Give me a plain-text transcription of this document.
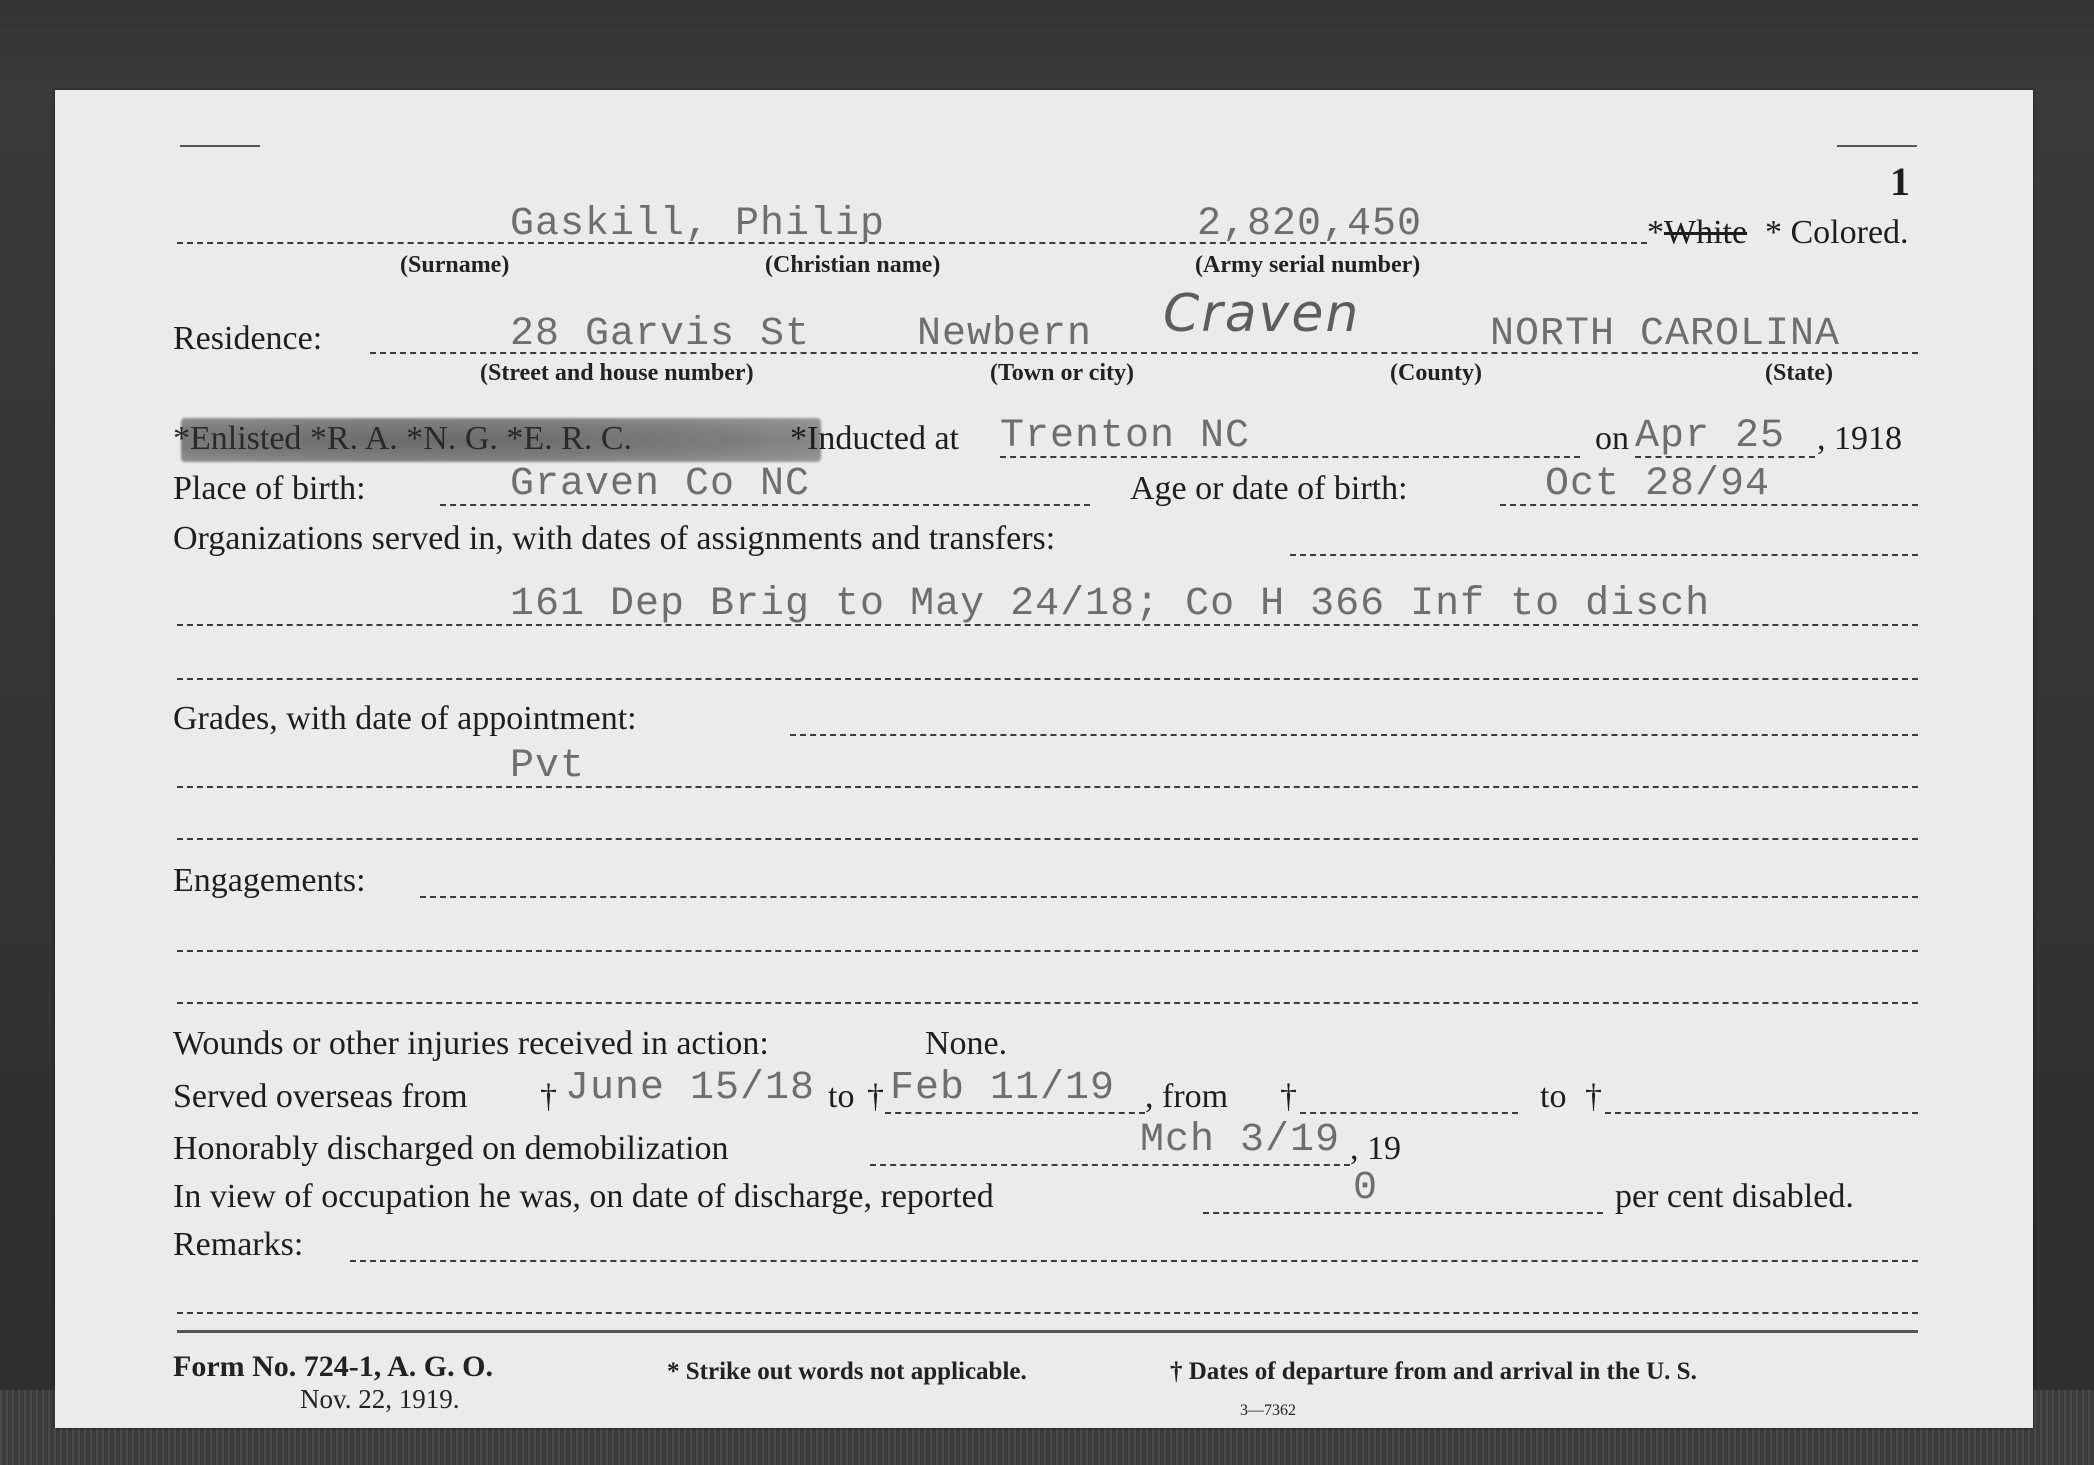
1
Gaskill, Philip	2,820,450	*White * Colored.
(Surname)	(Christian name)	(Army serial number)
Residence:	28 Garvis St	Newbern Craven	NORTH CAROLINA
(Street and house number)	(Town or city)	(County)	(State)
*Enlisted *R. A. *N. G. *E. R. C.	*Inducted at Trenton NC	on Apr 25 , 1918
Place of birth:	Graven Co NC	Age or date of birth:	Oct 28/94
Organizations served in, with dates of assignments and transfers:
161 Dep Brig to May 24/18; Co H 366 Inf to disch
Grades, with date of appointment:
Pvt
Engagements:
Wounds or other injuries received in action:	None.
Served overseas from † June 15/18 to † Feb 11/19 , from †	to †
Honorably discharged on demobilization	Mch 3/19 , 19
In view of occupation he was, on date of discharge, reported	0	per cent disabled.
Remarks:
Form No. 724-1, A. G. O.
Nov. 22, 1919.
* Strike out words not applicable.	† Dates of departure from and arrival in the U. S.
3—7362
